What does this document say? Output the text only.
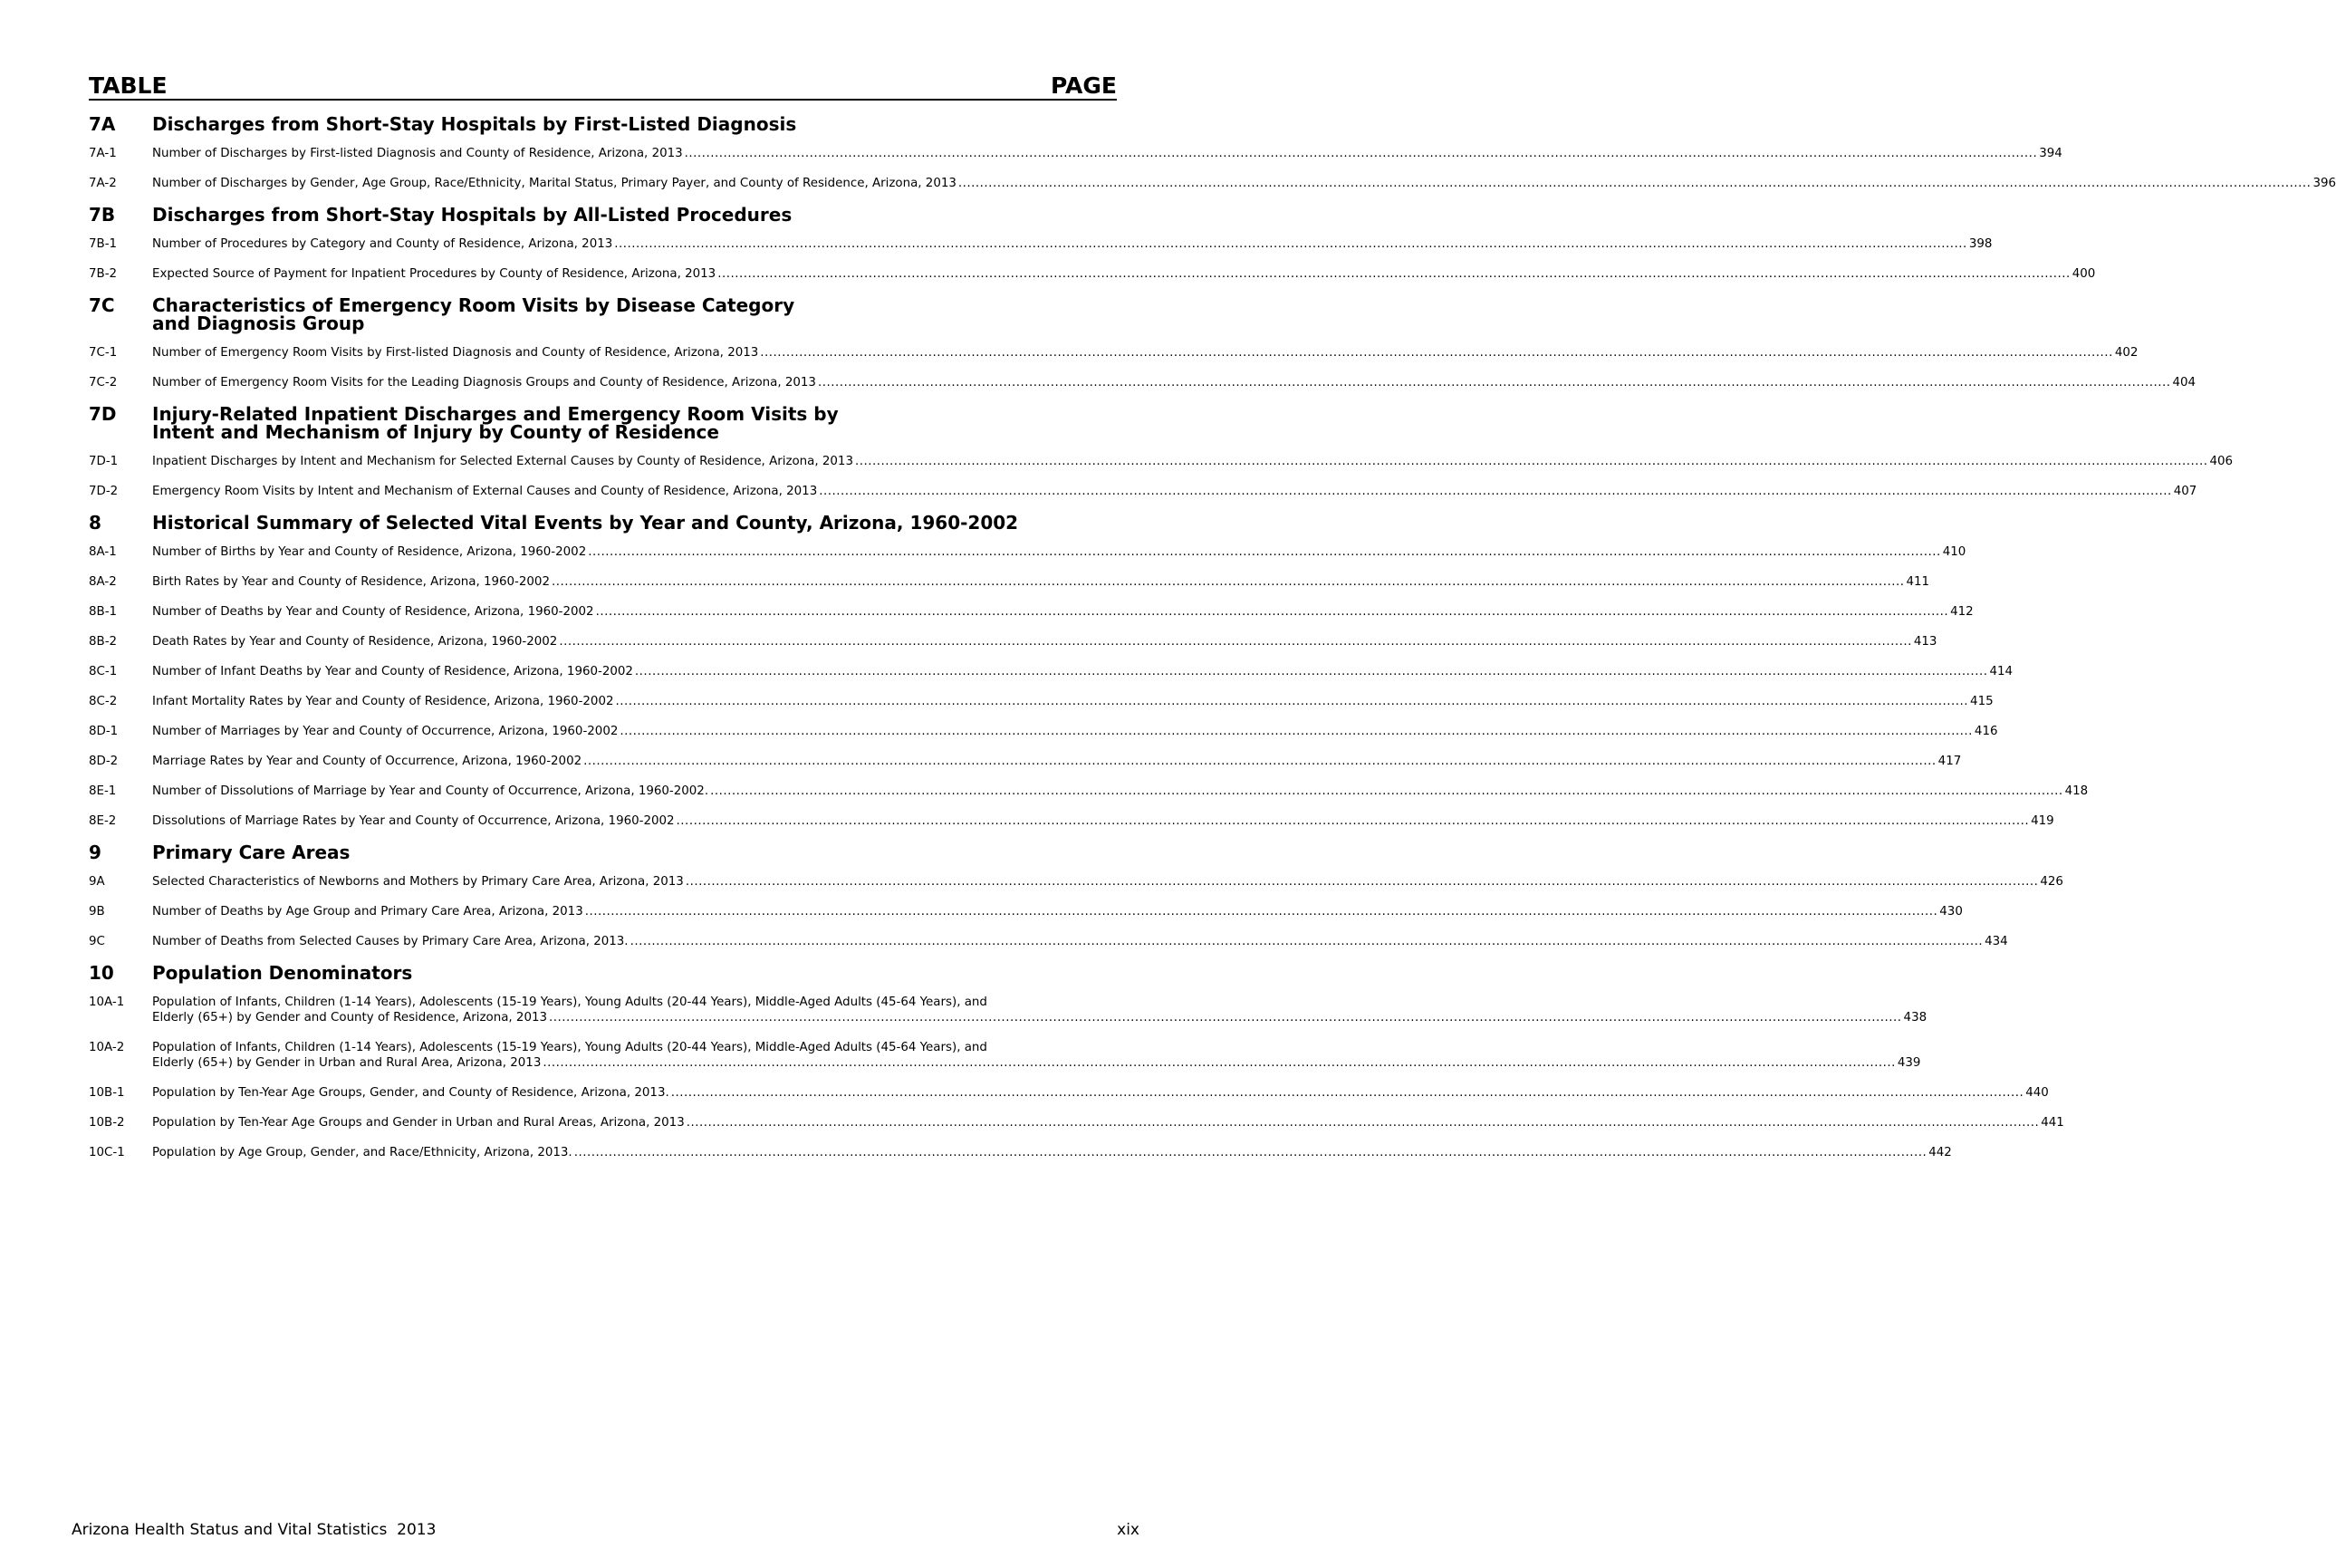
TABLE	PAGE
7A	Discharges from Short-Stay Hospitals by First-Listed Diagnosis
7A-1	Number of Discharges by First-listed Diagnosis and County of Residence, Arizona, 2013 .....	394
7A-2	Number of Discharges by Gender, Age Group, Race/Ethnicity, Marital Status, Primary Payer, and County of Residence, Arizona, 2013 .....	396
7B	Discharges from Short-Stay Hospitals by All-Listed Procedures
7B-1	Number of Procedures by Category and County of Residence, Arizona, 2013 .....	398
7B-2	Expected Source of Payment for Inpatient Procedures by County of Residence, Arizona, 2013 .....	400
7C	Characteristics of Emergency Room Visits by Disease Category
and Diagnosis Group
7C-1	Number of Emergency Room Visits by First-listed Diagnosis and County of Residence, Arizona, 2013 .....	402
7C-2	Number of Emergency Room Visits for the Leading Diagnosis Groups and County of Residence, Arizona, 2013 .....	404
7D	Injury-Related Inpatient Discharges and Emergency Room Visits by
Intent and Mechanism of Injury by County of Residence
7D-1	Inpatient Discharges by Intent and Mechanism for Selected External Causes by County of Residence, Arizona, 2013 .....	406
7D-2	Emergency Room Visits by Intent and Mechanism of External Causes and County of Residence, Arizona, 2013 .....	407
8	Historical Summary of Selected Vital Events by Year and County, Arizona, 1960-2002
8A-1	Number of Births by Year and County of Residence, Arizona, 1960-2002 .....	410
8A-2	Birth Rates by Year and County of Residence, Arizona, 1960-2002 .....	411
8B-1	Number of Deaths by Year and County of Residence, Arizona, 1960-2002 .....	412
8B-2	Death Rates by Year and County of Residence, Arizona, 1960-2002 .....	413
8C-1	Number of Infant Deaths by Year and County of Residence, Arizona, 1960-2002 .....	414
8C-2	Infant Mortality Rates by Year and County of Residence, Arizona, 1960-2002 .....	415
8D-1	Number of Marriages by Year and County of Occurrence, Arizona, 1960-2002 .....	416
8D-2	Marriage Rates by Year and County of Occurrence, Arizona, 1960-2002 .....	417
8E-1	Number of Dissolutions of Marriage by Year and County of Occurrence, Arizona, 1960-2002. .....	418
8E-2	Dissolutions of Marriage Rates by Year and County of Occurrence, Arizona, 1960-2002 .....	419
9	Primary Care Areas
9A	Selected Characteristics of Newborns and Mothers by Primary Care Area, Arizona, 2013 .....	426
9B	Number of Deaths by Age Group and Primary Care Area, Arizona, 2013 .....	430
9C	Number of Deaths from Selected Causes by Primary Care Area, Arizona, 2013. .....	434
10	Population Denominators
10A-1	Population of Infants, Children (1-14 Years), Adolescents (15-19 Years), Young Adults (20-44 Years), Middle-Aged Adults (45-64 Years), and
Elderly (65+) by Gender and County of Residence, Arizona, 2013 .....	438
10A-2	Population of Infants, Children (1-14 Years), Adolescents (15-19 Years), Young Adults (20-44 Years), Middle-Aged Adults (45-64 Years), and
Elderly (65+) by Gender in Urban and Rural Area, Arizona, 2013 .....	439
10B-1	Population by Ten-Year Age Groups, Gender, and County of Residence, Arizona, 2013. .....	440
10B-2	Population by Ten-Year Age Groups and Gender in Urban and Rural Areas, Arizona, 2013 .....	441
10C-1	Population by Age Group, Gender, and Race/Ethnicity, Arizona, 2013. .....	442
Arizona Health Status and Vital Statistics  2013	xix
